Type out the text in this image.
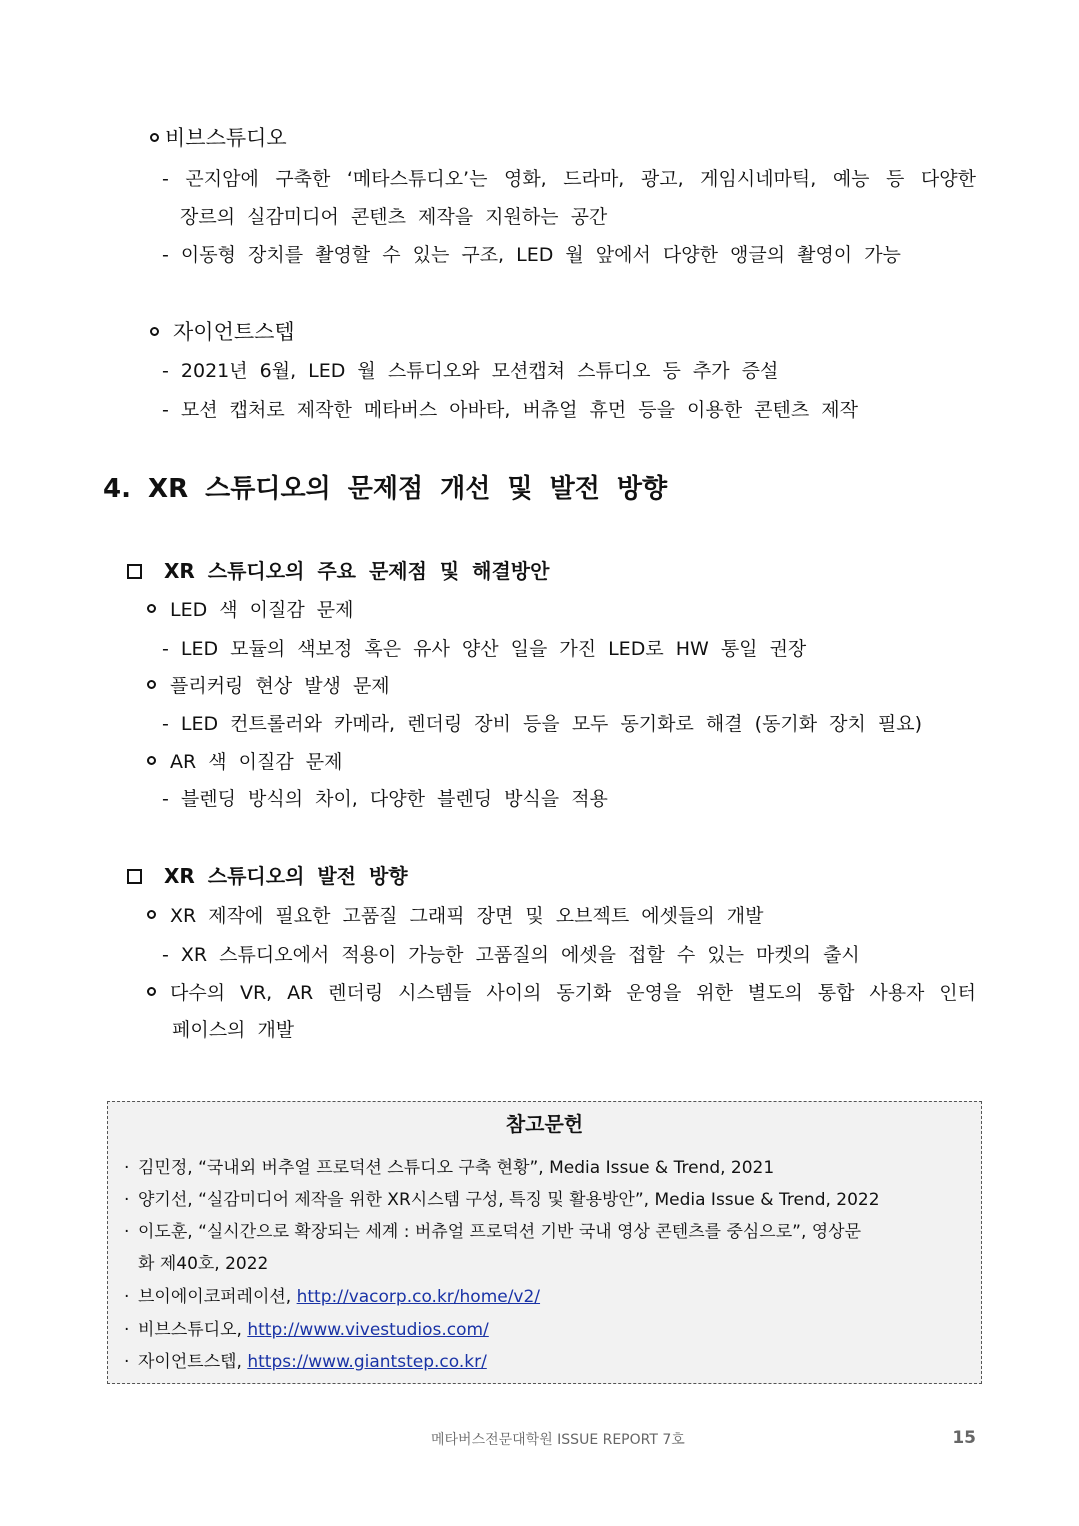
비브스튜디오
- 곤지암에 구축한 ‘메타스튜디오’는 영화, 드라마, 광고, 게임시네마틱, 예능 등 다양한
장르의 실감미디어 콘텐츠 제작을 지원하는 공간
- 이동형 장치를 촬영할 수 있는 구조, LED 월 앞에서 다양한 앵글의 촬영이 가능
자이언트스텝
- 2021년 6월, LED 월 스튜디오와 모션캡쳐 스튜디오 등 추가 증설
- 모션 캡처로 제작한 메타버스 아바타, 버츄얼 휴먼 등을 이용한 콘텐츠 제작
4. XR 스튜디오의 문제점 개선 및 발전 방향
XR 스튜디오의 주요 문제점 및 해결방안
LED 색 이질감 문제
- LED 모듈의 색보정 혹은 유사 양산 일을 가진 LED로 HW 통일 권장
플리커링 현상 발생 문제
- LED 컨트롤러와 카메라, 렌더링 장비 등을 모두 동기화로 해결 (동기화 장치 필요)
AR 색 이질감 문제
- 블렌딩 방식의 차이, 다양한 블렌딩 방식을 적용
XR 스튜디오의 발전 방향
XR 제작에 필요한 고품질 그래픽 장면 및 오브젝트 에셋들의 개발
- XR 스튜디오에서 적용이 가능한 고품질의 에셋을 접할 수 있는 마켓의 출시
다수의 VR, AR 렌더링 시스템들 사이의 동기화 운영을 위한 별도의 통합 사용자 인터
페이스의 개발
참고문헌
· 김민정, “국내외 버추얼 프로덕션 스튜디오 구축 현황”, Media Issue & Trend, 2021
· 양기선, “실감미디어 제작을 위한 XR시스템 구성, 특징 및 활용방안”, Media Issue & Trend, 2022
· 이도훈, “실시간으로 확장되는 세계 : 버츄얼 프로덕션 기반 국내 영상 콘텐츠를 중심으로”, 영상문
화 제40호, 2022
· 브이에이코퍼레이션, http://vacorp.co.kr/home/v2/
· 비브스튜디오, http://www.vivestudios.com/
· 자이언트스텝, https://www.giantstep.co.kr/
메타버스전문대학원 ISSUE REPORT 7호	15
